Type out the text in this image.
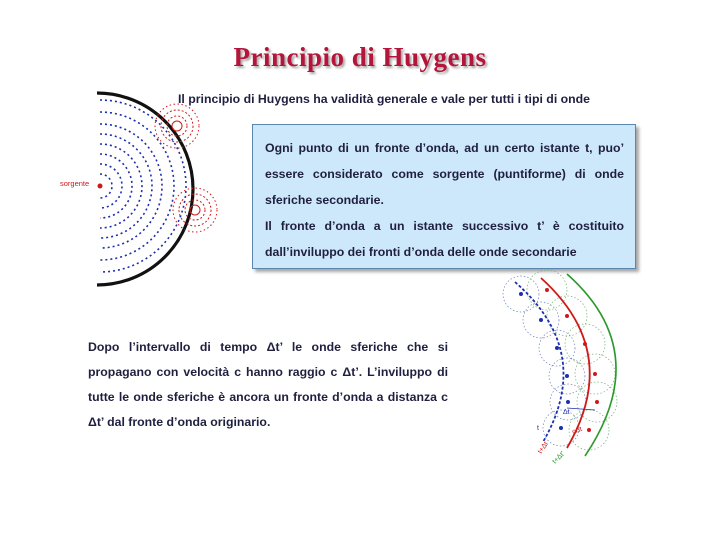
Principio di Huygens
Il principio di Huygens ha validità generale e vale per tutti i tipi di onde

Ogni punto di un fronte d’onda, ad un certo istante t, puo’ essere considerato come sorgente (puntiforme) di onde sferiche secondarie.

Il fronte d’onda a un istante successivo t’ è costituito dall’inviluppo dei fronti d’onda delle onde secondarie

Dopo l’intervallo di tempo Δt’ le onde sferiche che si propagano con velocità c hanno raggio c Δt’. L’inviluppo di tutte le onde sferiche è ancora un fronte d’onda a distanza c Δt’ dal fronte d’onda originario.

sorgente
t
Δt
cΔt
t+Δt
t+Δt'
